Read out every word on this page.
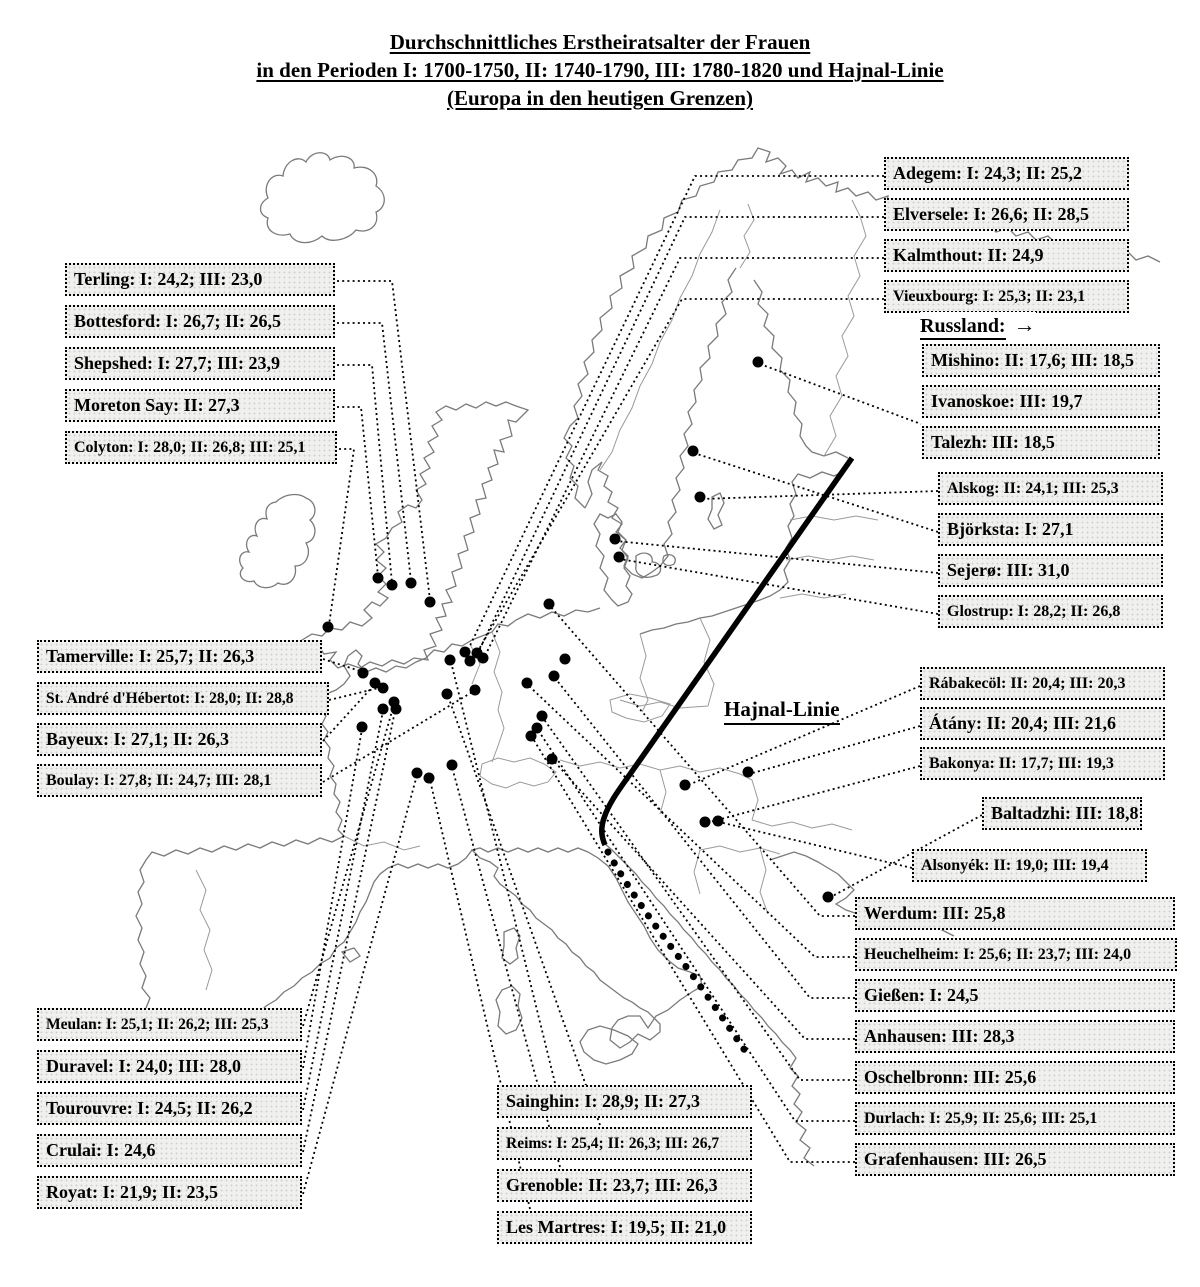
Durchschnittliches Erstheiratsalter der Frauen
in den Perioden I: 1700-1750, II: 1740-1790, III: 1780-1820 und Hajnal-Linie
(Europa in den heutigen Grenzen)
Terling: I: 24,2; III: 23,0
Bottesford: I: 26,7; II: 26,5
Shepshed: I: 27,7; III: 23,9
Moreton Say: II: 27,3
Colyton: I: 28,0; II: 26,8; III: 25,1
Tamerville: I: 25,7; II: 26,3
St. André d'Hébertot: I: 28,0; II: 28,8
Bayeux: I: 27,1; II: 26,3
Boulay: I: 27,8; II: 24,7; III: 28,1
Meulan: I: 25,1; II: 26,2; III: 25,3
Duravel: I: 24,0; III: 28,0
Tourouvre: I: 24,5; II: 26,2
Crulai: I: 24,6
Royat: I: 21,9; II: 23,5
Sainghin: I: 28,9; II: 27,3
Reims: I: 25,4; II: 26,3; III: 26,7
Grenoble: II: 23,7; III: 26,3
Les Martres: I: 19,5; II: 21,0
Adegem: I: 24,3; II: 25,2
Elversele: I: 26,6; II: 28,5
Kalmthout: II: 24,9
Vieuxbourg: I: 25,3; II: 23,1
Russland: →
Mishino: II: 17,6; III: 18,5
Ivanoskoe: III: 19,7
Talezh: III: 18,5
Alskog: II: 24,1; III: 25,3
Björksta: I: 27,1
Sejerø: III: 31,0
Glostrup: I: 28,2; II: 26,8
Hajnal-Linie
Rábakecöl: II: 20,4; III: 20,3
Átány: II: 20,4; III: 21,6
Bakonya: II: 17,7; III: 19,3
Baltadzhi: III: 18,8
Alsonyék: II: 19,0; III: 19,4
Werdum: III: 25,8
Heuchelheim: I: 25,6; II: 23,7; III: 24,0
Gießen: I: 24,5
Anhausen: III: 28,3
Oschelbronn: III: 25,6
Durlach: I: 25,9; II: 25,6; III: 25,1
Grafenhausen: III: 26,5
